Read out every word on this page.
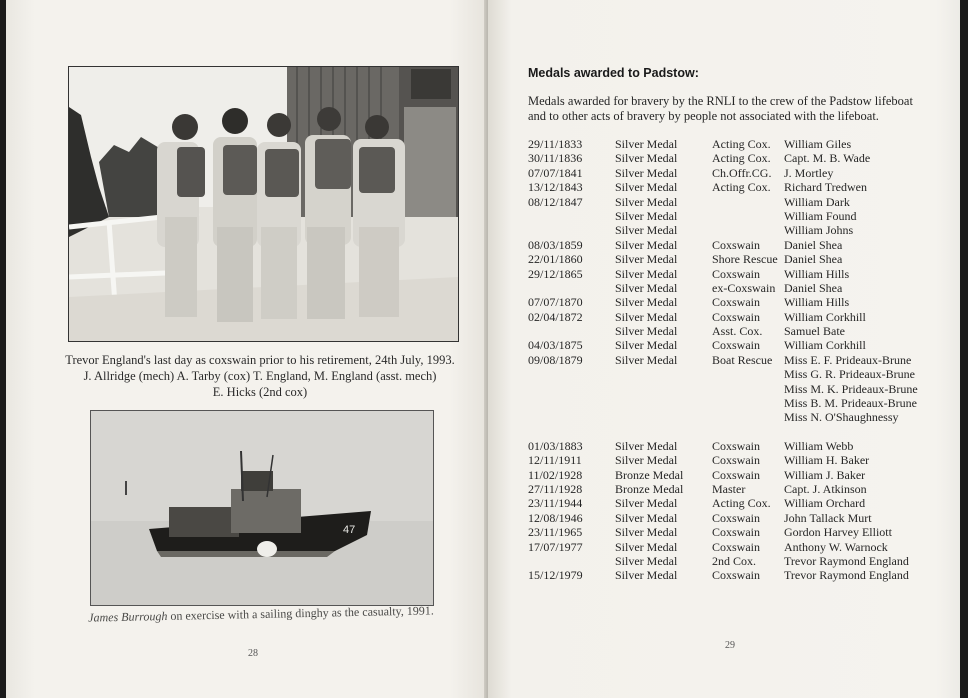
Trevor England's last day as coxswain prior to his retirement, 24th July, 1993.
J. Allridge (mech) A. Tarby (cox) T. England, M. England (asst. mech)
E. Hicks (2nd cox)
47
James Burrough on exercise with a sailing dinghy as the casualty, 1991.
28
Medals awarded to Padstow:
Medals awarded for bravery by the RNLI to the crew of the Padstow lifeboat and to other acts of bravery by people not associated with the lifeboat.
29/11/1833	Silver Medal	Acting Cox. William Giles
30/11/1836	Silver Medal	Acting Cox. Capt. M. B. Wade
07/07/1841	Silver Medal	Ch.Offr.CG. J. Mortley
13/12/1843	Silver Medal	Acting Cox. Richard Tredwen
08/12/1847	Silver Medal	William Dark
Silver Medal	William Found
Silver Medal	William Johns
08/03/1859	Silver Medal	Coxswain Daniel Shea
22/01/1860	Silver Medal	Shore Rescue Daniel Shea
29/12/1865	Silver Medal	Coxswain William Hills
Silver Medal	ex-Coxswain Daniel Shea
07/07/1870	Silver Medal	Coxswain William Hills
02/04/1872	Silver Medal	Coxswain William Corkhill
Silver Medal	Asst. Cox. Samuel Bate
04/03/1875	Silver Medal	Coxswain William Corkhill
09/08/1879	Silver Medal	Boat Rescue Miss E. F. Prideaux-Brune
Miss G. R. Prideaux-Brune
Miss M. K. Prideaux-Brune
Miss B. M. Prideaux-Brune
Miss N. O'Shaughnessy
01/03/1883	Silver Medal	Coxswain William Webb
12/11/1911	Silver Medal	Coxswain William H. Baker
11/02/1928	Bronze Medal Coxswain William J. Baker
27/11/1928	Bronze Medal Master	Capt. J. Atkinson
23/11/1944	Silver Medal	Acting Cox. William Orchard
12/08/1946	Silver Medal	Coxswain John Tallack Murt
23/11/1965	Silver Medal	Coxswain Gordon Harvey Elliott
17/07/1977	Silver Medal	Coxswain Anthony W. Warnock
Silver Medal	2nd Cox. Trevor Raymond England
15/12/1979	Silver Medal	Coxswain Trevor Raymond England
29
